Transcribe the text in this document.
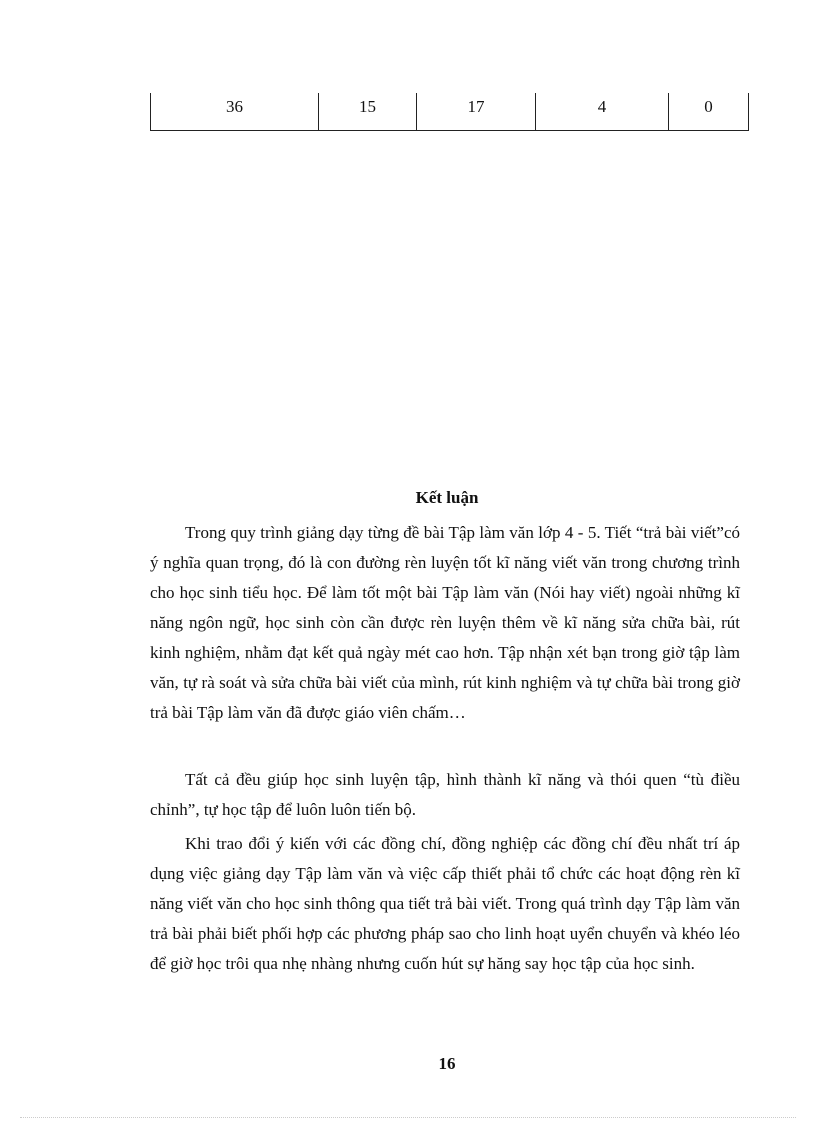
36	15	17	4	0

Kết luận

Trong quy trình giảng dạy từng đề bài Tập làm văn lớp 4 - 5. Tiết “trả bài viết”có ý nghĩa quan trọng, đó là con đường rèn luyện tốt kĩ năng viết văn trong chương trình cho học sinh tiểu học. Để làm tốt một bài Tập làm văn (Nói hay viết) ngoài những kĩ năng ngôn ngữ, học sinh còn cần được rèn luyện thêm về kĩ năng sửa chữa bài, rút kinh nghiệm, nhằm đạt kết quả ngày mét cao hơn. Tập nhận xét bạn trong giờ tập làm văn, tự rà soát và sửa chữa bài viết của mình, rút kinh nghiệm và tự chữa bài trong giờ trả bài Tập làm văn đã được giáo viên chấm…

Tất cả đều giúp học sinh luyện tập, hình thành kĩ năng và thói quen “tù điều chỉnh”, tự học tập để luôn luôn tiến bộ.

Khi trao đổi ý kiến với các đồng chí, đồng nghiệp các đồng chí đều nhất trí áp dụng việc giảng dạy Tập làm văn và việc cấp thiết phải tổ chức các hoạt động rèn kĩ năng viết văn cho học sinh thông qua tiết trả bài viết. Trong quá trình dạy Tập làm văn trả bài phải biết phối hợp các phương pháp sao cho linh hoạt uyển chuyển và khéo léo để giờ học trôi qua nhẹ nhàng nhưng cuốn hút sự hăng say học tập của học sinh.

16
